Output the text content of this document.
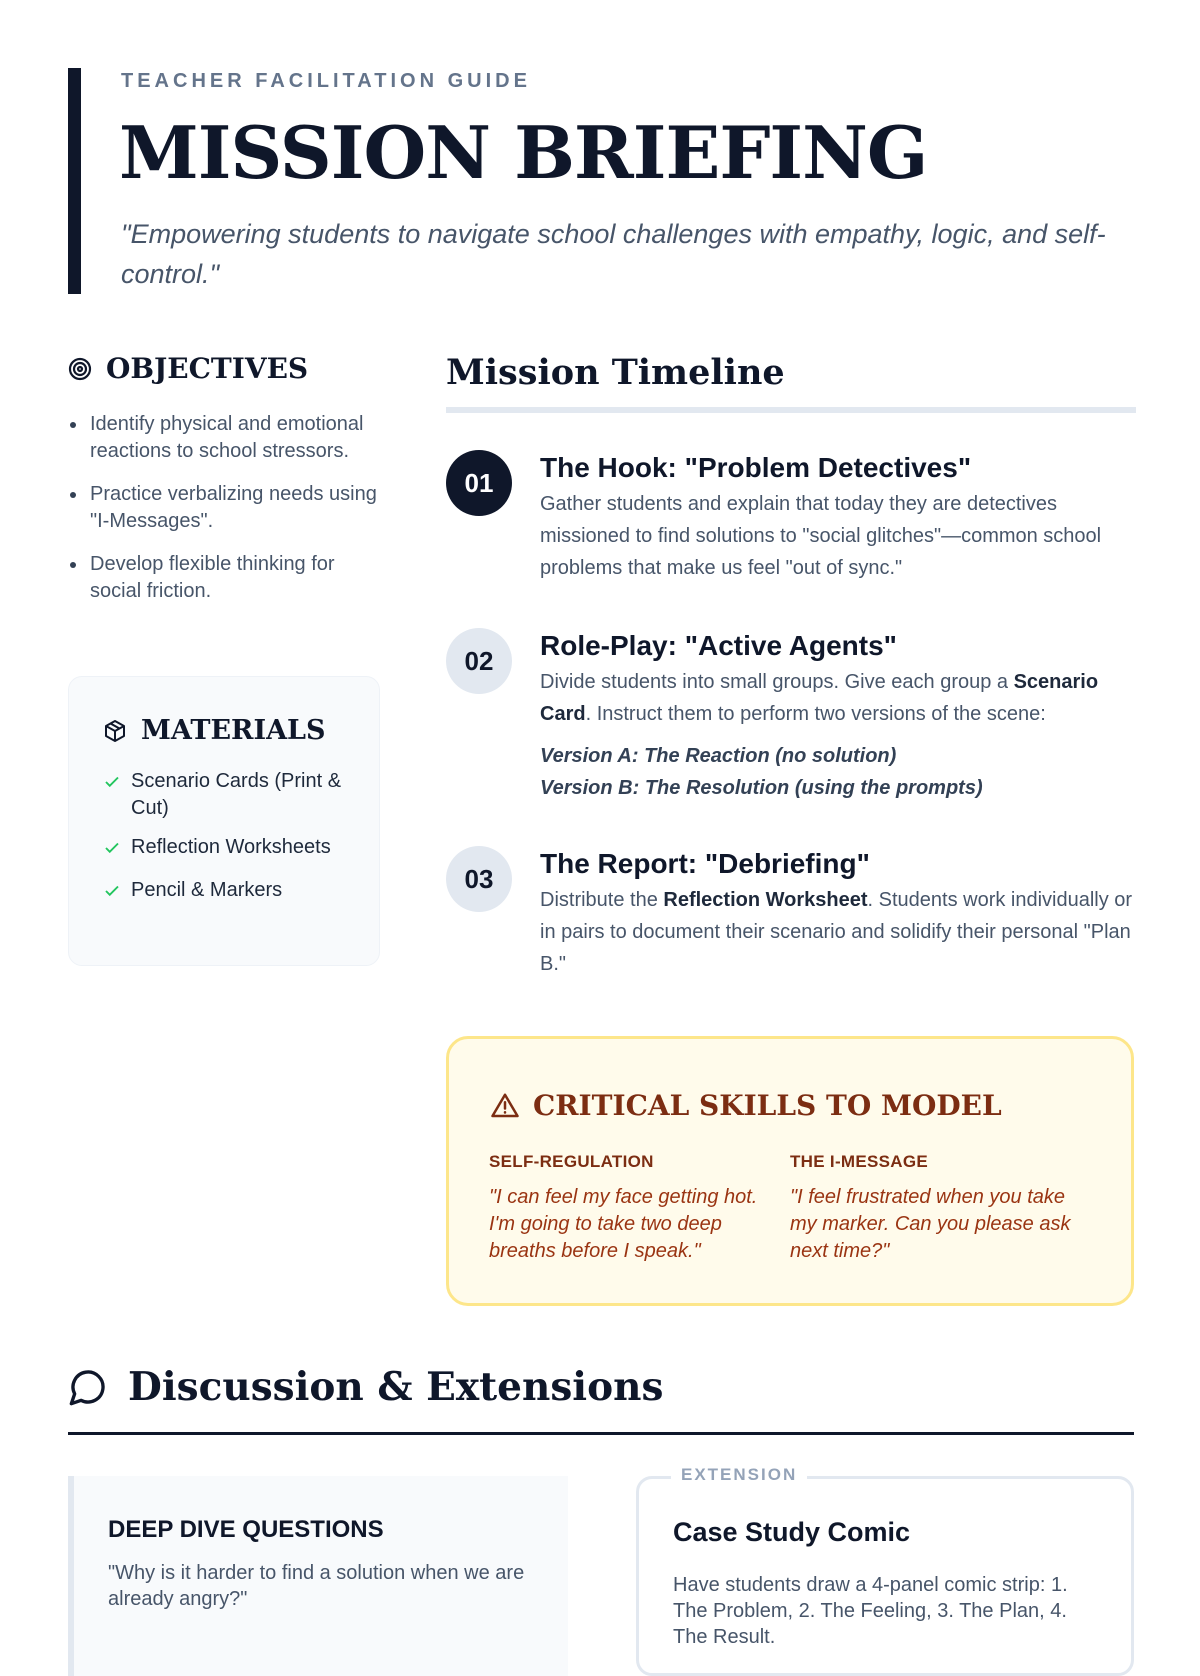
TEACHER FACILITATION GUIDE
MISSION BRIEFING
"Empowering students to navigate school challenges with empathy, logic, and self-control."
OBJECTIVES
Identify physical and emotional reactions to school stressors.
Practice verbalizing needs using "I-Messages".
Develop flexible thinking for social friction.
MATERIALS
Scenario Cards (Print & Cut)
Reflection Worksheets
Pencil & Markers
Mission Timeline
01	The Hook: "Problem Detectives"
Gather students and explain that today they are detectives missioned to find solutions to "social glitches"—common school problems that make us feel "out of sync."
02	Role-Play: "Active Agents"
Divide students into small groups. Give each group a Scenario Card. Instruct them to perform two versions of the scene:
Version A: The Reaction (no solution)
Version B: The Resolution (using the prompts)
03	The Report: "Debriefing"
Distribute the Reflection Worksheet. Students work individually or in pairs to document their scenario and solidify their personal "Plan B."
CRITICAL SKILLS TO MODEL
SELF-REGULATION
"I can feel my face getting hot. I'm going to take two deep breaths before I speak."
THE I-MESSAGE
"I feel frustrated when you take my marker. Can you please ask next time?"
Discussion & Extensions
DEEP DIVE QUESTIONS
"Why is it harder to find a solution when we are already angry?"
EXTENSION
Case Study Comic
Have students draw a 4-panel comic strip: 1. The Problem, 2. The Feeling, 3. The Plan, 4. The Result.
